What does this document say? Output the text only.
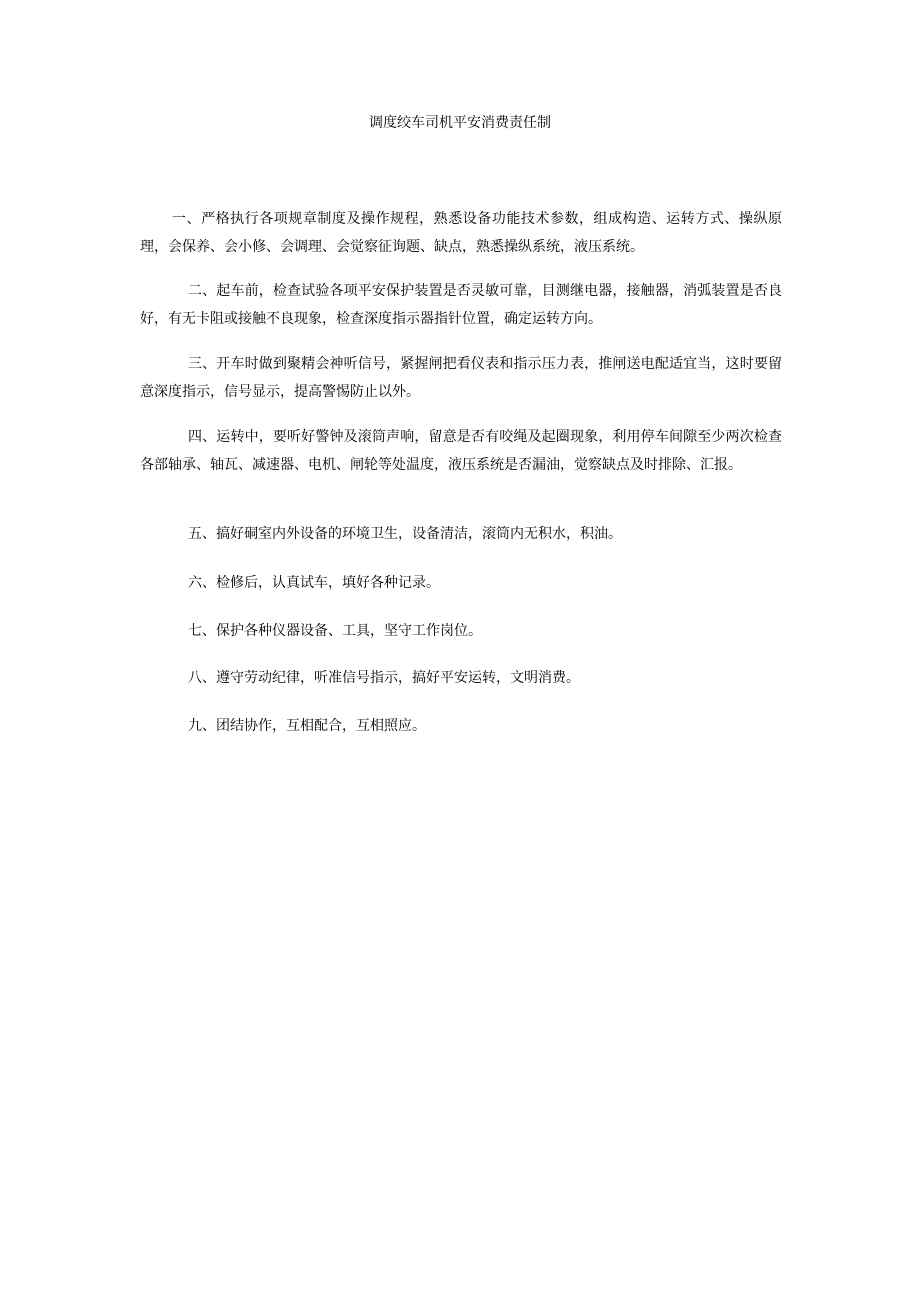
调度绞车司机平安消费责任制

一、严格执行各项规章制度及操作规程，熟悉设备功能技术参数，组成构造、运转方式、操纵原理，会保养、会小修、会调理、会觉察征询题、缺点，熟悉操纵系统，液压系统。

二、起车前，检查试验各项平安保护装置是否灵敏可靠，目测继电器，接触器，消弧装置是否良好，有无卡阻或接触不良现象，检查深度指示器指针位置，确定运转方向。

三、开车时做到聚精会神听信号，紧握闸把看仪表和指示压力表，推闸送电配适宜当，这时要留意深度指示，信号显示，提高警惕防止以外。

四、运转中，要听好警钟及滚筒声响，留意是否有咬绳及起圈现象，利用停车间隙至少两次检查各部轴承、轴瓦、减速器、电机、闸轮等处温度，液压系统是否漏油，觉察缺点及时排除、汇报。

五、搞好硐室内外设备的环境卫生，设备清洁，滚筒内无积水，积油。

六、检修后，认真试车，填好各种记录。

七、保护各种仪器设备、工具，坚守工作岗位。

八、遵守劳动纪律，听准信号指示，搞好平安运转，文明消费。

九、团结协作，互相配合，互相照应。
